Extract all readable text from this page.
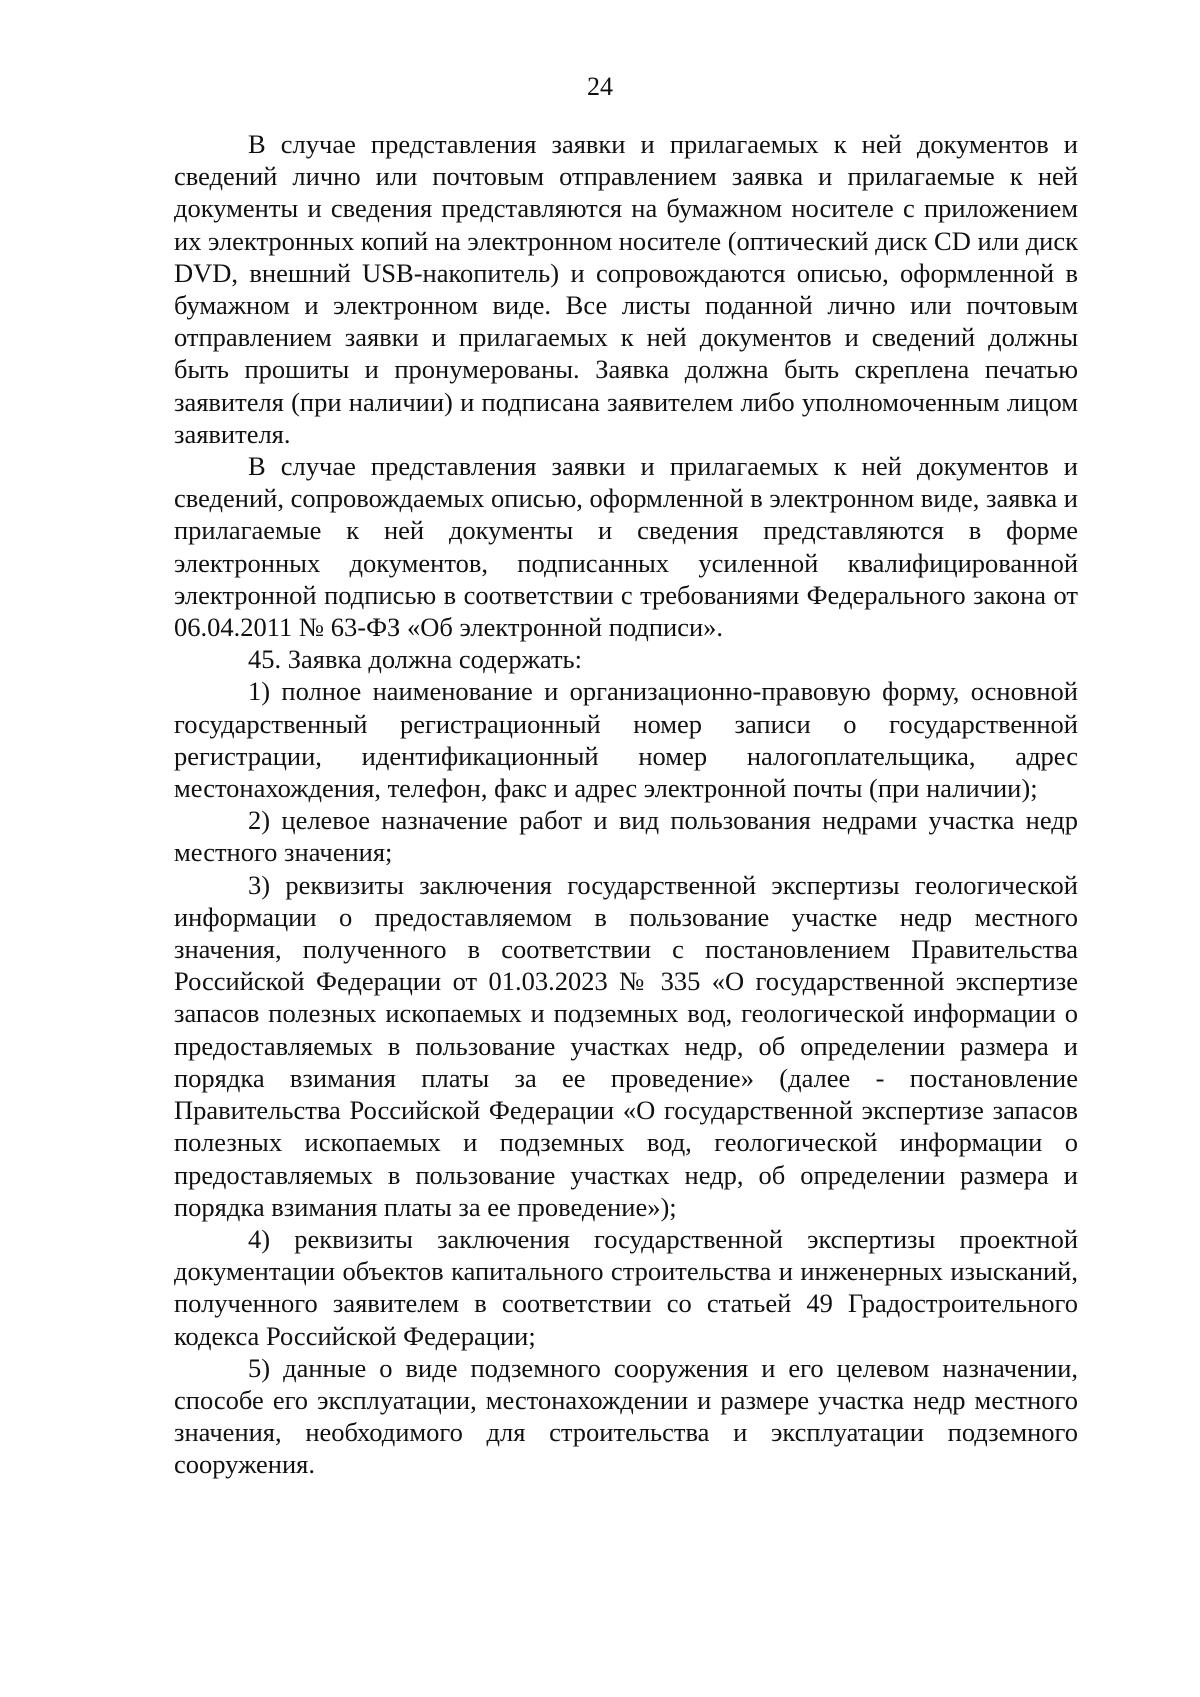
24

В случае представления заявки и прилагаемых к ней документов и сведений лично или почтовым отправлением заявка и прилагаемые к ней документы и сведения представляются на бумажном носителе с приложением их электронных копий на электронном носителе (оптический диск CD или диск DVD, внешний USB-накопитель) и сопровождаются описью, оформленной в бумажном и электронном виде. Все листы поданной лично или почтовым отправлением заявки и прилагаемых к ней документов и сведений должны быть прошиты и пронумерованы. Заявка должна быть скреплена печатью заявителя (при наличии) и подписана заявителем либо уполномоченным лицом заявителя.

В случае представления заявки и прилагаемых к ней документов и сведений, сопровождаемых описью, оформленной в электронном виде, заявка и прилагаемые к ней документы и сведения представляются в форме электронных документов, подписанных усиленной квалифицированной электронной подписью в соответствии с требованиями Федерального закона от 06.04.2011 № 63-ФЗ «Об электронной подписи».

45. Заявка должна содержать:

1) полное наименование и организационно-правовую форму, основной государственный регистрационный номер записи о государственной регистрации, идентификационный номер налогоплательщика, адрес местонахождения, телефон, факс и адрес электронной почты (при наличии);

2) целевое назначение работ и вид пользования недрами участка недр местного значения;

3) реквизиты заключения государственной экспертизы геологической информации о предоставляемом в пользование участке недр местного значения, полученного в соответствии с постановлением Правительства Российской Федерации от 01.03.2023 № 335 «О государственной экспертизе запасов полезных ископаемых и подземных вод, геологической информации о предоставляемых в пользование участках недр, об определении размера и порядка взимания платы за ее проведение» (далее - постановление Правительства Российской Федерации «О государственной экспертизе запасов полезных ископаемых и подземных вод, геологической информации о предоставляемых в пользование участках недр, об определении размера и порядка взимания платы за ее проведение»);

4) реквизиты заключения государственной экспертизы проектной документации объектов капитального строительства и инженерных изысканий, полученного заявителем в соответствии со статьей 49 Градостроительного кодекса Российской Федерации;

5) данные о виде подземного сооружения и его целевом назначении, способе его эксплуатации, местонахождении и размере участка недр местного значения, необходимого для строительства и эксплуатации подземного сооружения.
